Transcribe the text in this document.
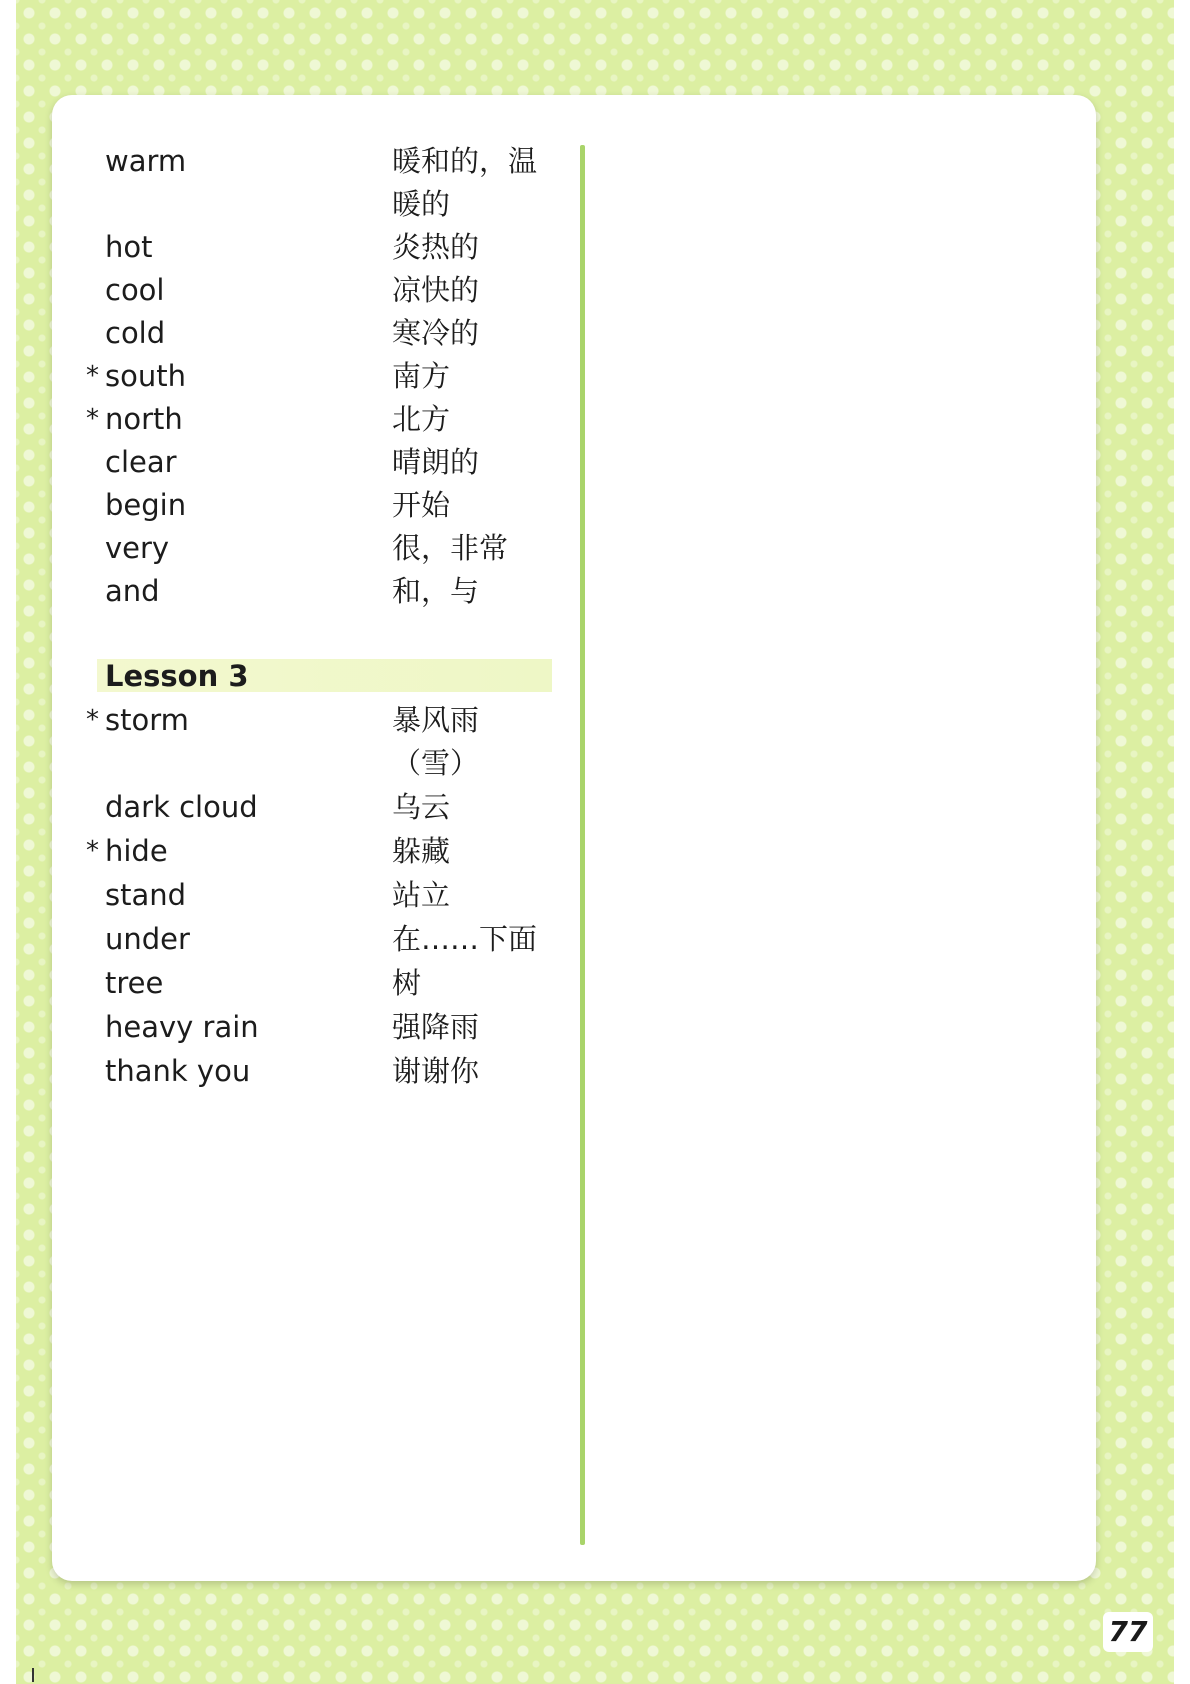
warm	暖和的，温暖的
hot	炎热的
cool	凉快的
cold	寒冷的
* south	南方
* north	北方
clear	晴朗的
begin	开始
very	很，非常
and	和，与
Lesson 3
* storm	暴风雨（雪）
dark cloud	乌云
* hide	躲藏
stand	站立
under	在……下面
tree	树
heavy rain	强降雨
thank you	谢谢你
77
